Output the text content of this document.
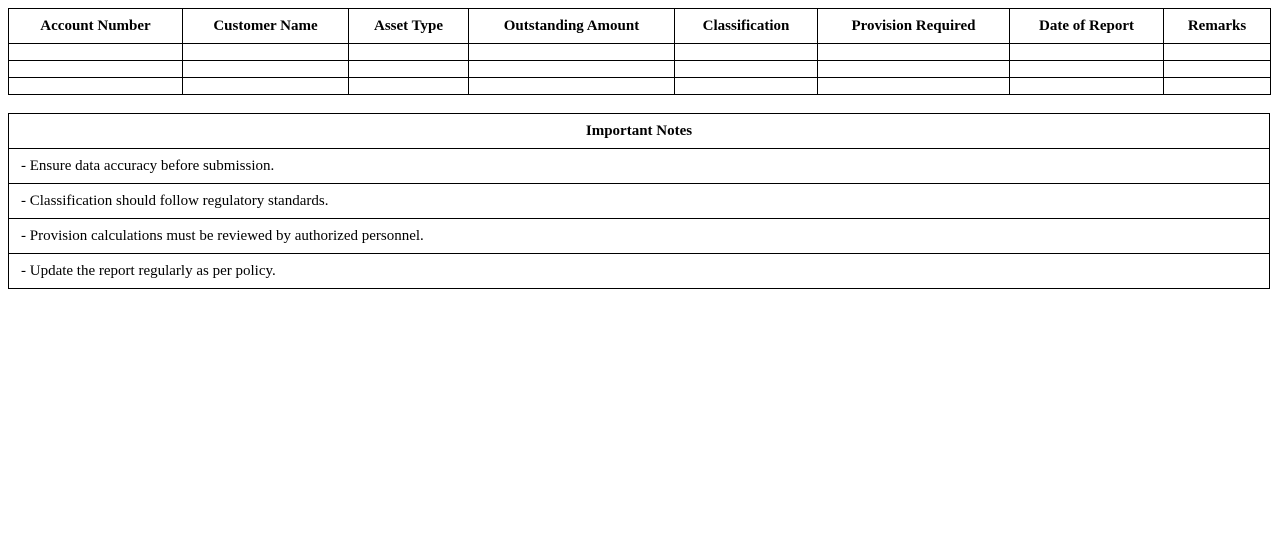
Account Number	Customer Name	Asset Type	Outstanding Amount	Classification	Provision Required	Date of Report	Remarks

Important Notes
- Ensure data accuracy before submission.
- Classification should follow regulatory standards.
- Provision calculations must be reviewed by authorized personnel.
- Update the report regularly as per policy.
